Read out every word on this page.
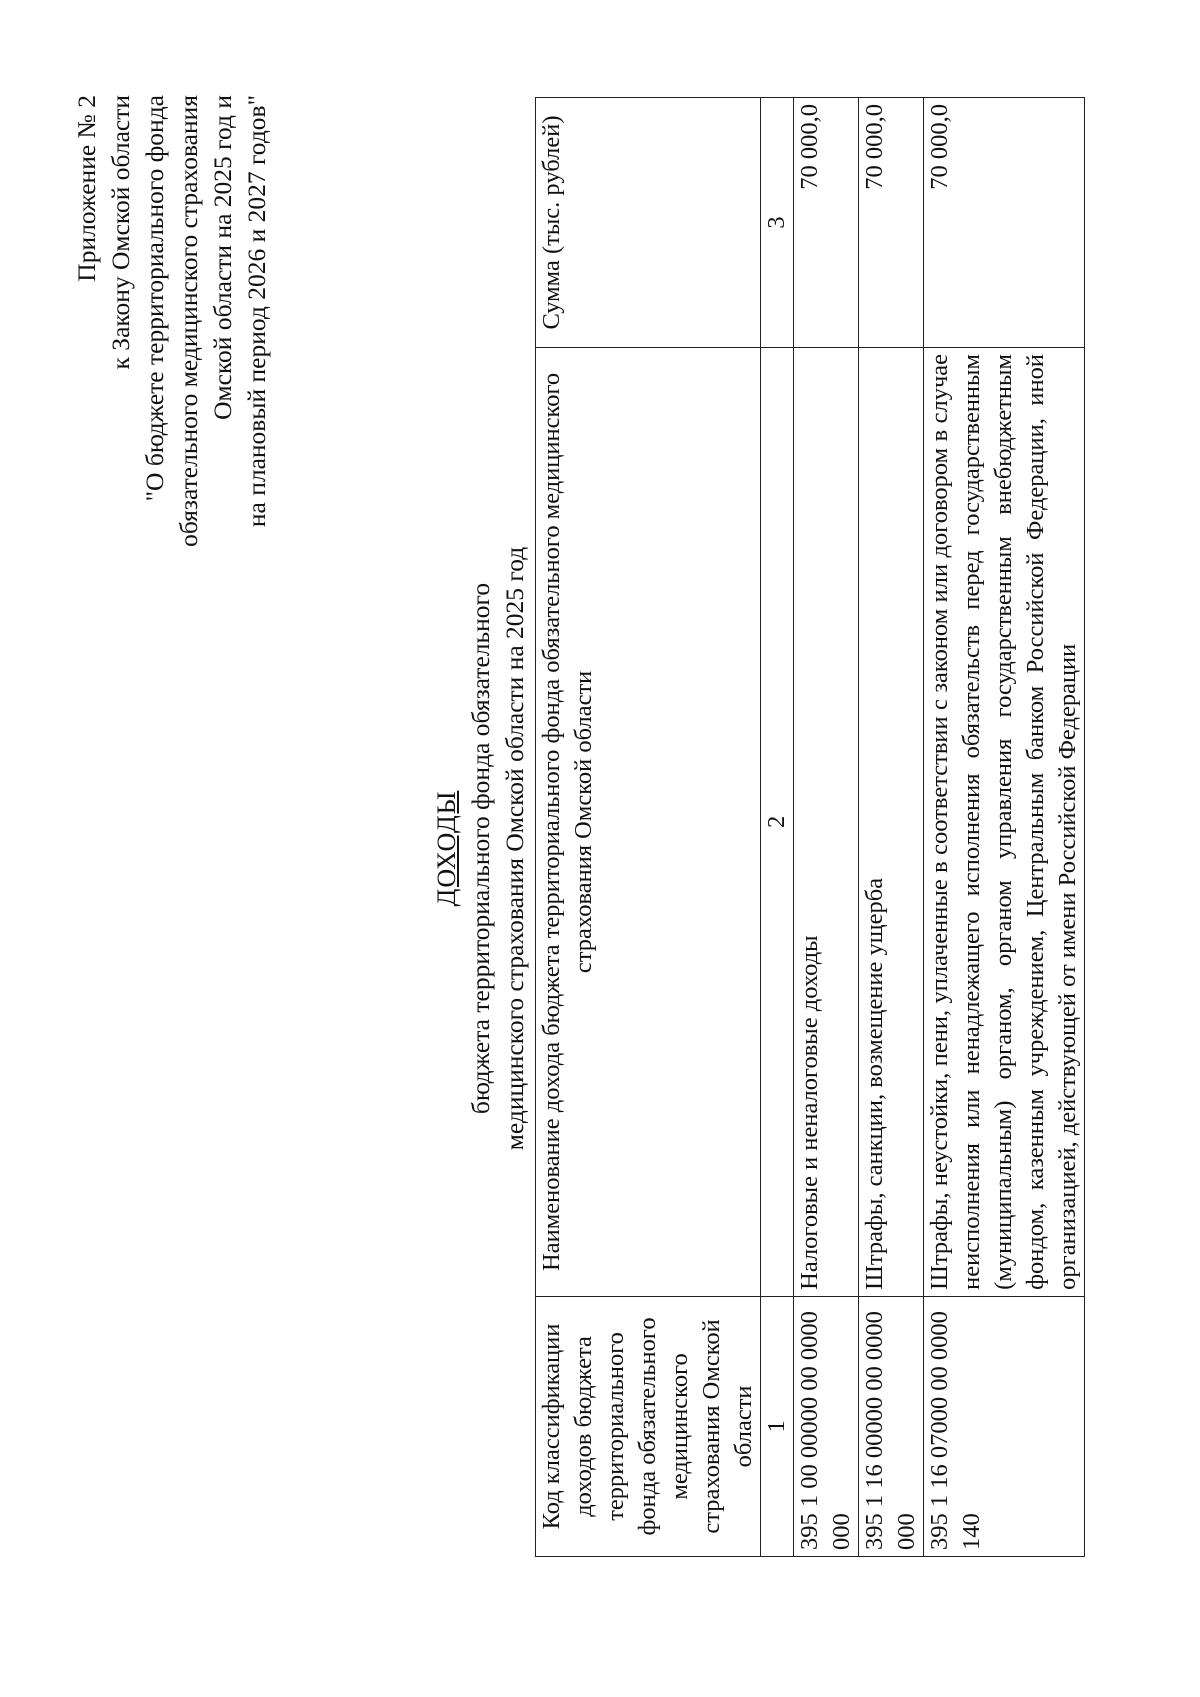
Приложение № 2 к Закону Омской области "О бюджете территориального фонда обязательного медицинского страхования Омской области на 2025 год и на плановый период 2026 и 2027 годов"
ДОХОДЫ бюджета территориального фонда обязательного медицинского страхования Омской области на 2025 год
Код классификации доходов бюджета территориального фонда обязательного медицинского страхования Омской области	Наименование дохода бюджета территориального фонда обязательного медицинского страхования Омской области	Сумма (тыс. рублей)
1	2	3
395 1 00 00000 00 0000 000	Налоговые и неналоговые доходы	70 000,0
395 1 16 00000 00 0000 000	Штрафы, санкции, возмещение ущерба	70 000,0
395 1 16 07000 00 0000 140	Штрафы, неустойки, пени, уплаченные в соответствии с законом или договором в случае неисполнения или ненадлежащего исполнения обязательств перед государственным (муниципальным) органом, органом управления государственным внебюджетным фондом, казенным учреждением, Центральным банком Российской Федерации, иной организацией, действующей от имени Российской Федерации	70 000,0
